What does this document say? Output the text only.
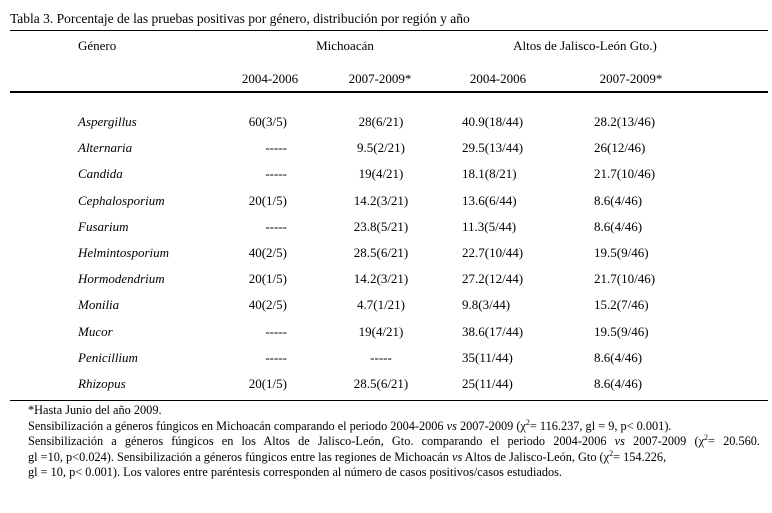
Tabla 3. Porcentaje de las pruebas positivas por género, distribución por región y año
Género	Michoacán	Altos de Jalisco-León Gto.)
2004-2006	2007-2009*	2004-2006	2007-2009*
Aspergillus	60(3/5)	28(6/21)	40.9(18/44)	28.2(13/46)
Alternaria	-----	9.5(2/21)	29.5(13/44)	26(12/46)
Candida	-----	19(4/21)	18.1(8/21)	21.7(10/46)
Cephalosporium	20(1/5)	14.2(3/21)	13.6(6/44)	8.6(4/46)
Fusarium	-----	23.8(5/21)	11.3(5/44)	8.6(4/46)
Helmintosporium	40(2/5)	28.5(6/21)	22.7(10/44)	19.5(9/46)
Hormodendrium	20(1/5)	14.2(3/21)	27.2(12/44)	21.7(10/46)
Monilia	40(2/5)	4.7(1/21)	9.8(3/44)	15.2(7/46)
Mucor	-----	19(4/21)	38.6(17/44)	19.5(9/46)
Penicillium	-----	-----	35(11/44)	8.6(4/46)
Rhizopus	20(1/5)	28.5(6/21)	25(11/44)	8.6(4/46)
*Hasta Junio del año 2009.
Sensibilización a géneros fúngicos en Michoacán comparando el periodo 2004-2006 vs 2007-2009 ($\chi^2= 116.237$, gl = 9, p< 0.001).
Sensibilización a géneros fúngicos en los Altos de Jalisco-León, Gto. comparando el periodo 2004-2006 vs 2007-2009 ($\chi^2= 20.560$.
gl =10, p<0.024). Sensibilización a géneros fúngicos entre las regiones de Michoacán vs Altos de Jalisco-León, Gto ($\chi^2= 154.226$,
gl = 10, p< 0.001). Los valores entre paréntesis corresponden al número de casos positivos/casos estudiados.
